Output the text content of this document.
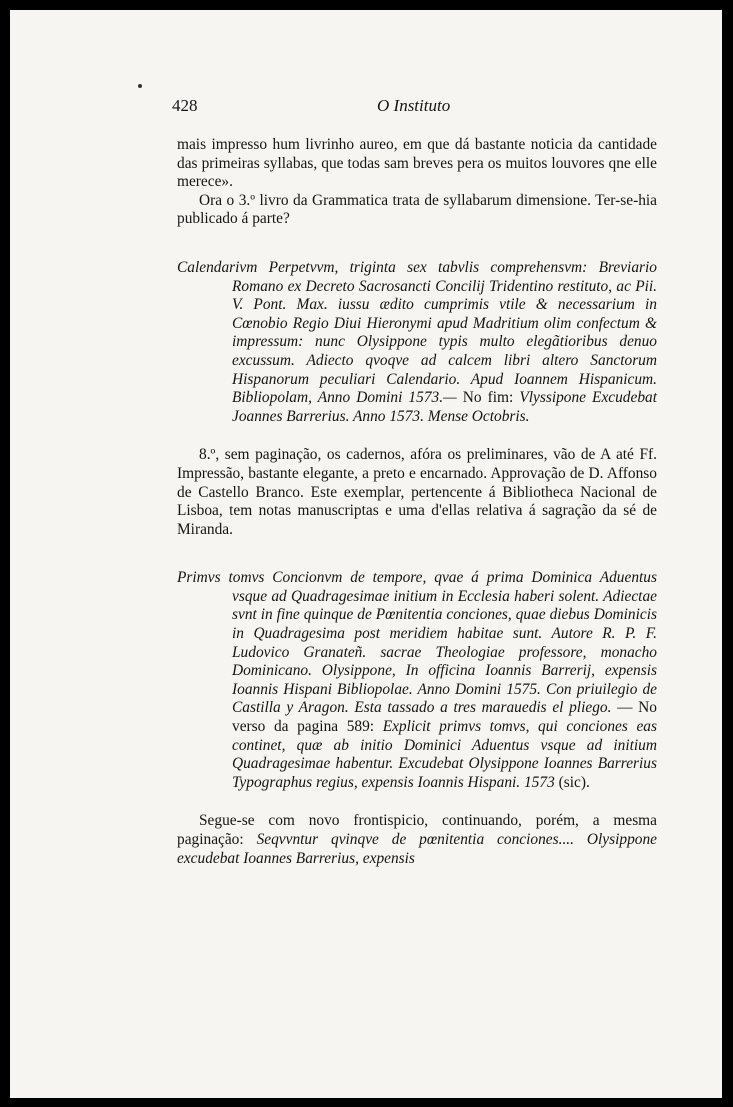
428	O Instituto

mais impresso hum livrinho aureo, em que dá bastante noticia da cantidade das primeiras syllabas, que todas sam breves pera os muitos louvores qne elle merece».

Ora o 3.º livro da Grammatica trata de syllabarum dimensione. Ter-se-hia publicado á parte?

Calendarivm Perpetvvm, triginta sex tabvlis comprehensvm: Breviario Romano ex Decreto Sacrosancti Concilij Tridentino restituto, ac Pii. V. Pont. Max. iussu ædito cumprimis vtile & necessarium in Cœnobio Regio Diui Hieronymi apud Madritium olim confectum & impressum: nunc Olysippone typis multo elegãtioribus denuo excussum. Adiecto qvoqve ad calcem libri altero Sanctorum Hispanorum peculiari Calendario. Apud Ioannem Hispanicum. Bibliopolam, Anno Domini 1573.— No fim: Vlyssipone Excudebat Joannes Barrerius. Anno 1573. Mense Octobris.

8.º, sem paginação, os cadernos, afóra os preliminares, vão de A até Ff. Impressão, bastante elegante, a preto e encarnado. Approvação de D. Affonso de Castello Branco. Este exemplar, pertencente á Bibliotheca Nacional de Lisboa, tem notas manuscriptas e uma d'ellas relativa á sagração da sé de Miranda.

Primvs tomvs Concionvm de tempore, qvae á prima Dominica Aduentus vsque ad Quadragesimae initium in Ecclesia haberi solent. Adiectae svnt in fine quinque de Pœnitentia conciones, quae diebus Dominicis in Quadragesima post meridiem habitae sunt. Autore R. P. F. Ludovico Granateñ. sacrae Theologiae professore, monacho Dominicano. Olysippone, In officina Ioannis Barrerij, expensis Ioannis Hispani Bibliopolae. Anno Domini 1575. Con priuilegio de Castilla y Aragon. Esta tassado a tres marauedis el pliego. — No verso da pagina 589: Explicit primvs tomvs, qui conciones eas continet, quæ ab initio Dominici Aduentus vsque ad initium Quadragesimae habentur. Excudebat Olysippone Ioannes Barrerius Typographus regius, expensis Ioannis Hispani. 1573 (sic).

Segue-se com novo frontispicio, continuando, porém, a mesma paginação: Seqvvntur qvinqve de pœnitentia conciones.... Olysippone excudebat Ioannes Barrerius, expensis
